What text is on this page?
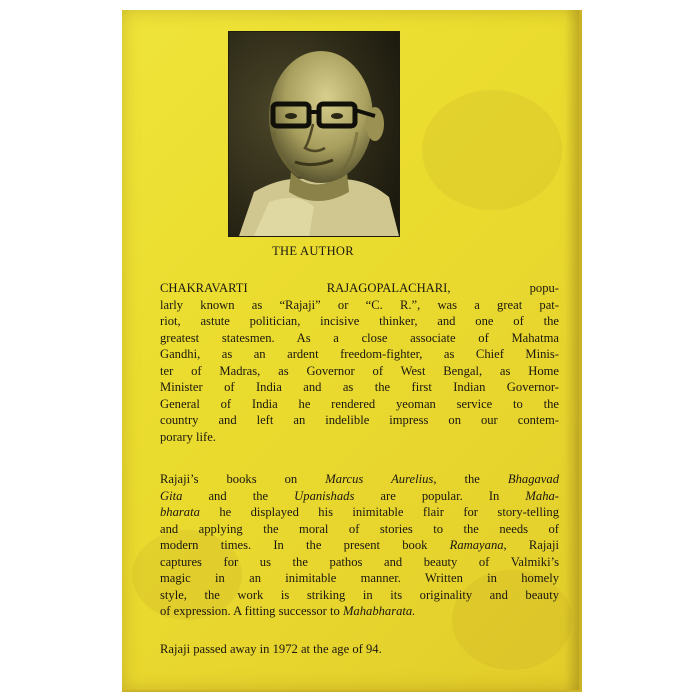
THE AUTHOR
CHAKRAVARTI RAJAGOPALACHARI, popu-
larly known as “Rajaji” or “C. R.”, was a great pat-
riot, astute politician, incisive thinker, and one of the
greatest statesmen. As a close associate of Mahatma
Gandhi, as an ardent freedom-fighter, as Chief Minis-
ter of Madras, as Governor of West Bengal, as Home
Minister of India and as the first Indian Governor-
General of India he rendered yeoman service to the
country and left an indelible impress on our contem-
porary life.
Rajaji’s books on Marcus Aurelius, the Bhagavad
Gita and the Upanishads are popular. In Maha-
bharata he displayed his inimitable flair for story-telling
and applying the moral of stories to the needs of
modern times. In the present book Ramayana, Rajaji
captures for us the pathos and beauty of Valmiki’s
magic in an inimitable manner. Written in homely
style, the work is striking in its originality and beauty
of expression. A fitting successor to Mahabharata.
Rajaji passed away in 1972 at the age of 94.
